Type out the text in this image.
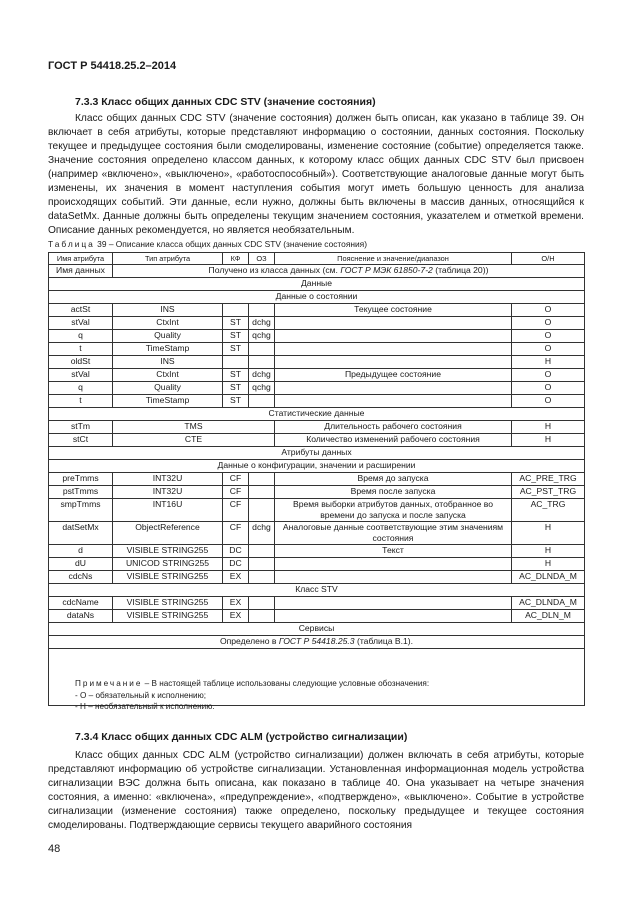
ГОСТ Р 54418.25.2–2014
7.3.3 Класс общих данных CDC STV (значение состояния)

Класс общих данных CDC STV (значение состояния) должен быть описан, как указано в таблице 39. Он включает в себя атрибуты, которые представляют информацию о состоянии, данных состояния. Поскольку текущее и предыдущее состояния были смоделированы, изменение состояние (событие) определяется также. Значение состояния определено классом данных, к которому класс общих данных CDC STV был присвоен (например «включено», «выключено», «работоспособный»). Соответствующие аналоговые данные могут быть изменены, их значения в момент наступления события могут иметь большую ценность для анализа происходящих событий. Эти данные, если нужно, должны быть включены в массив данных, относящийся к dataSetMx. Данные должны быть определены текущим значением состояния, указателем и отметкой времени. Описание данных рекомендуется, но является необязательным.

Таблица 39 – Описание класса общих данных CDC STV (значение состояния)
Имя атрибута	Тип атрибута	КФ	ОЗ	Пояснение и значение/диапазон	О/Н
Имя данных	Получено из класса данных (см. ГОСТ Р МЭК 61850-7-2 (таблица 20))				
Данные					
Данные о состоянии					
actSt	INS			Текущее состояние	O
stVal	CtxInt	ST	dchg		O
q	Quality	ST	qchg		O
t	TimeStamp	ST			O
oldSt	INS				Н
stVal	CtxInt	ST	dchg	Предыдущее состояние	O
q	Quality	ST	qchg		O
t	TimeStamp	ST			O
Статистические данные					
stTm	TMS			Длительность рабочего состояния	Н
stCt	CTE			Количество изменений рабочего состояния	Н
Атрибуты данных					
Данные о конфигурации, значении и расширении					
preTmms	INT32U	CF		Время до запуска	AC_PRE_TRG
pstTmms	INT32U	CF		Время после запуска	AC_PST_TRG
smpTmms	INT16U	CF		Время выборки атрибутов данных, отобранное во времени до запуска и после запуска	AC_TRG
datSetMx	ObjectReference	CF	dchg	Аналоговые данные соответствующие этим значениям состояния	Н
d	VISIBLE STRING255	DC		Текст	Н
dU	UNICOD STRING255	DC			Н
cdcNs	VISIBLE STRING255	EX			AC_DLNDA_M
Класс STV					
cdcName	VISIBLE STRING255	EX			AC_DLNDA_M
dataNs	VISIBLE STRING255	EX			AC_DLN_M
Сервисы					
Определено в ГОСТ Р 54418.25.3 (таблица В.1).					

Примечание – В настоящей таблице использованы следующие условные обозначения:
- О – обязательный к исполнению;
- Н – необязательный к исполнению.
7.3.4 Класс общих данных CDC ALM (устройство сигнализации)

Класс общих данных CDC ALM (устройство сигнализации) должен включать в себя атрибуты, которые представляют информацию об устройстве сигнализации. Установленная информационная модель устройства сигнализации ВЭС должна быть описана, как показано в таблице 40. Она указывает на четыре значения состояния, а именно: «включена», «предупреждение», «подтверждено», «выключено». Событие в устройстве сигнализации (изменение состояния) также определено, поскольку предыдущее и текущее состояния смоделированы. Подтверждающие сервисы текущего аварийного состояния

48
